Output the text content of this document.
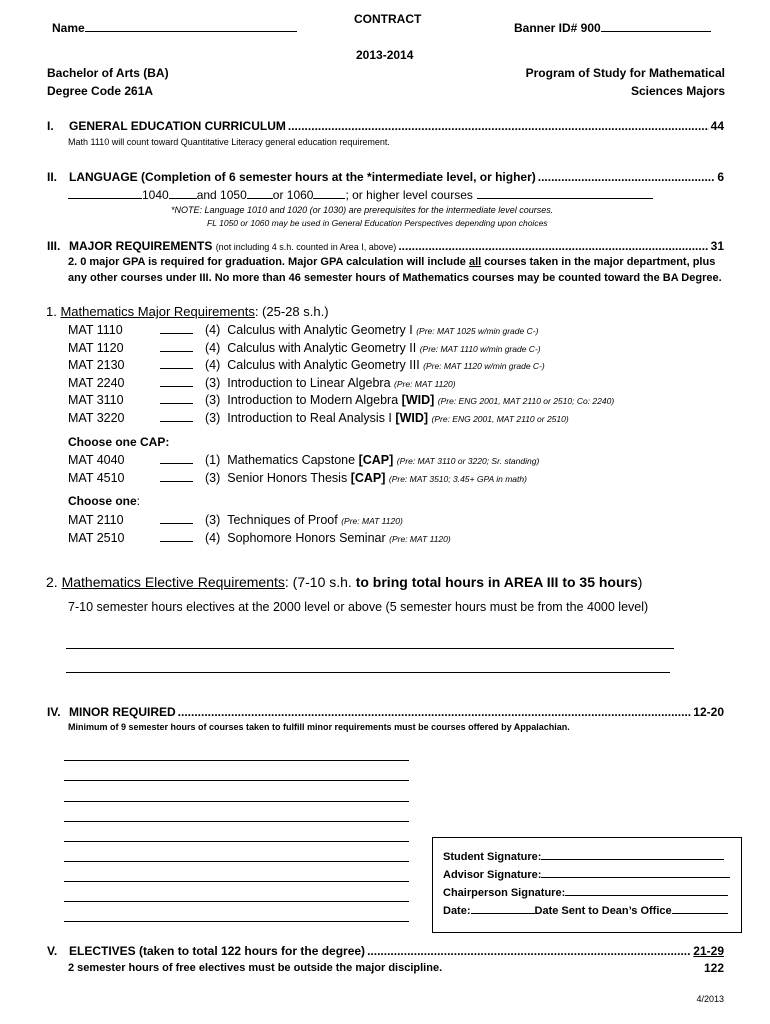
Name
CONTRACT
Banner ID# 900
2013-2014
Bachelor of Arts (BA)
Degree Code 261A
Program of Study for Mathematical
Sciences Majors
I.	GENERAL EDUCATION CURRICULUM .....	44
Math 1110 will count toward Quantitative Literacy general education requirement.
II. LANGUAGE (Completion of 6 semester hours at the *intermediate level, or higher) .....	6
1040 and 1050 or 1060	; or higher level courses
*NOTE: Language 1010 and 1020 (or 1030) are prerequisites for the intermediate level courses.
FL 1050 or 1060 may be used in General Education Perspectives depending upon choices
III. MAJOR REQUIREMENTS
(not including 4 s.h. counted in Area I, above) .....	31
2. 0 major GPA is required for graduation. Major GPA calculation will include all courses taken in the major department, plus
any other courses under III. No more than 46 semester hours of Mathematics courses may be counted toward the BA Degree.
1. Mathematics Major Requirements: (25-28 s.h.)
MAT 1110	(4) Calculus with Analytic Geometry I (Pre: MAT 1025 w/min grade C-)
MAT 1120	(4) Calculus with Analytic Geometry II (Pre: MAT 1110 w/min grade C-)
MAT 2130	(4) Calculus with Analytic Geometry III (Pre: MAT 1120 w/min grade C-)
MAT 2240	(3) Introduction to Linear Algebra (Pre: MAT 1120)
MAT 3110	(3) Introduction to Modern Algebra [WID] (Pre: ENG 2001, MAT 2110 or 2510; Co: 2240)
MAT 3220	(3) Introduction to Real Analysis I [WID] (Pre: ENG 2001, MAT 2110 or 2510)
Choose one CAP:
MAT 4040	(1) Mathematics Capstone [CAP] (Pre: MAT 3110 or 3220; Sr. standing)
MAT 4510	(3) Senior Honors Thesis [CAP] (Pre: MAT 3510; 3.45+ GPA in math)
Choose one:
MAT 2110	(3) Techniques of Proof (Pre: MAT 1120)
MAT 2510	(4) Sophomore Honors Seminar (Pre: MAT 1120)
2. Mathematics Elective Requirements: (7-10 s.h. to bring total hours in AREA III to 35 hours)
7-10 semester hours electives at the 2000 level or above (5 semester hours must be from the 4000 level)
IV. MINOR REQUIRED .....	12-20
Minimum of 9 semester hours of courses taken to fulfill minor requirements must be courses offered by Appalachian.
Student Signature:
Advisor Signature:
Chairperson Signature:
Date:	Date Sent to Dean’s Office
V. ELECTIVES (taken to total 122 hours for the degree) .....	21-29
2 semester hours of free electives must be outside the major discipline.	122
4/2013
